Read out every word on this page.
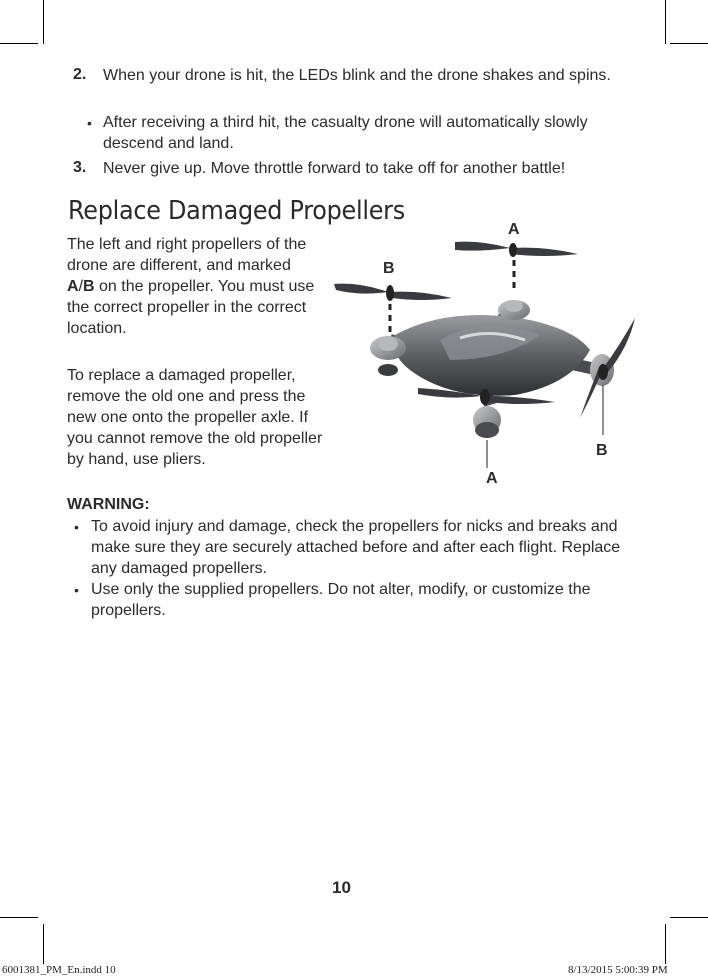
2. When your drone is hit, the LEDs blink and the drone shakes and spins.
• After receiving a third hit, the casualty drone will automatically slowly descend and land.
3. Never give up. Move throttle forward to take off for another battle!
Replace Damaged Propellers
The left and right propellers of the drone are different, and marked A/B on the propeller. You must use the correct propeller in the correct location.
To replace a damaged propeller, remove the old one and press the new one onto the propeller axle. If you cannot remove the old propeller by hand, use pliers.
A
B
B
A
WARNING:
• To avoid injury and damage, check the propellers for nicks and breaks and make sure they are securely attached before and after each flight. Replace any damaged propellers.
• Use only the supplied propellers. Do not alter, modify, or customize the propellers.
10
6001381_PM_En.indd 10	8/13/2015 5:00:39 PM
